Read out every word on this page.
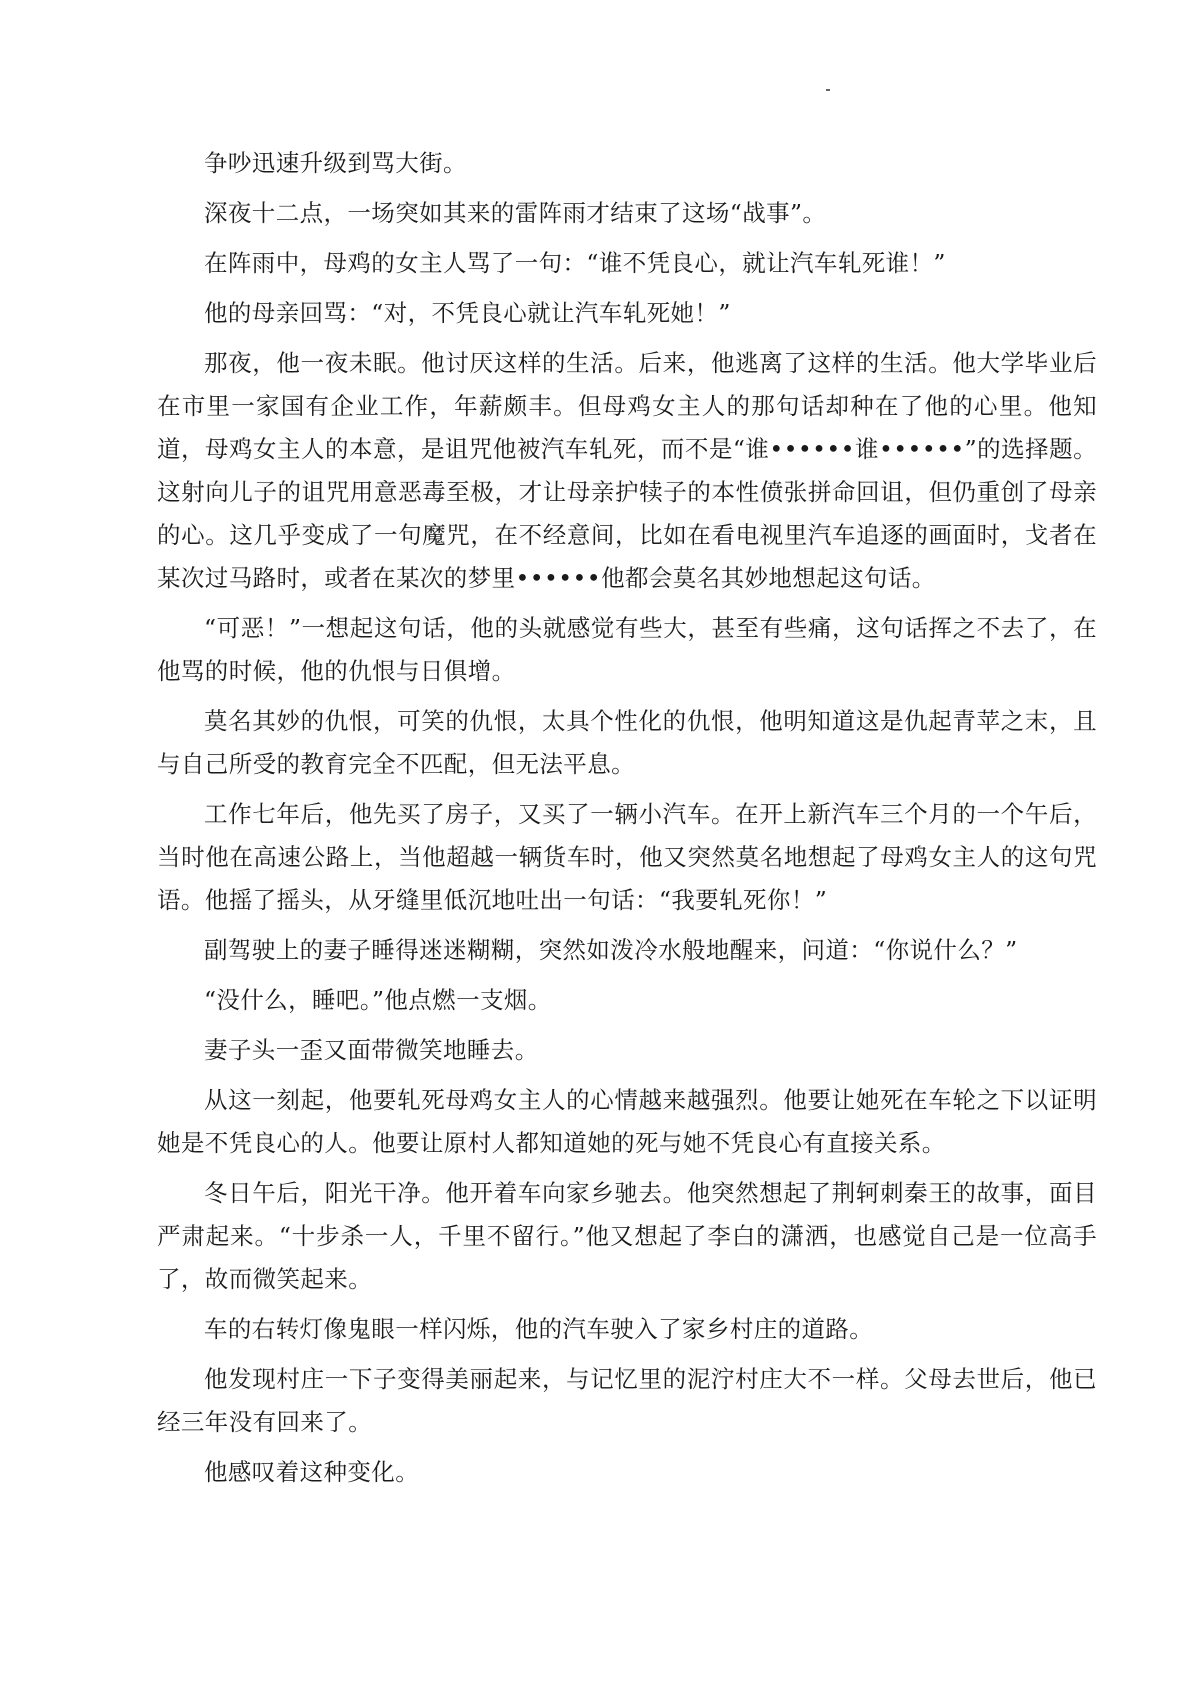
争吵迅速升级到骂大街。

深夜十二点，一场突如其来的雷阵雨才结束了这场“战事”。

在阵雨中，母鸡的女主人骂了一句：“谁不凭良心，就让汽车轧死谁！”

他的母亲回骂：“对，不凭良心就让汽车轧死她！”

那夜，他一夜未眠。他讨厌这样的生活。后来，他逃离了这样的生活。他大学毕业后在市里一家国有企业工作，年薪颇丰。但母鸡女主人的那句话却种在了他的心里。他知道，母鸡女主人的本意，是诅咒他被汽车轧死，而不是“谁••••••谁••••••”的选择题。这射向儿子的诅咒用意恶毒至极，才让母亲护犊子的本性偾张拼命回诅，但仍重创了母亲的心。这几乎变成了一句魔咒，在不经意间，比如在看电视里汽车追逐的画面时，戈者在某次过马路时，或者在某次的梦里••••••他都会莫名其妙地想起这句话。

“可恶！”一想起这句话，他的头就感觉有些大，甚至有些痛，这句话挥之不去了，在他骂的时候，他的仇恨与日俱增。

莫名其妙的仇恨，可笑的仇恨，太具个性化的仇恨，他明知道这是仇起青苹之末，且与自己所受的教育完全不匹配，但无法平息。

工作七年后，他先买了房子，又买了一辆小汽车。在开上新汽车三个月的一个午后，当时他在高速公路上，当他超越一辆货车时，他又突然莫名地想起了母鸡女主人的这句咒语。他摇了摇头，从牙缝里低沉地吐出一句话：“我要轧死你！”

副驾驶上的妻子睡得迷迷糊糊，突然如泼冷水般地醒来，问道：“你说什么？”

“没什么，睡吧。”他点燃一支烟。

妻子头一歪又面带微笑地睡去。

从这一刻起，他要轧死母鸡女主人的心情越来越强烈。他要让她死在车轮之下以证明她是不凭良心的人。他要让原村人都知道她的死与她不凭良心有直接关系。

冬日午后，阳光干净。他开着车向家乡驰去。他突然想起了荆轲刺秦王的故事，面目严肃起来。“十步杀一人，千里不留行。”他又想起了李白的潇洒，也感觉自己是一位高手了，故而微笑起来。

车的右转灯像鬼眼一样闪烁，他的汽车驶入了家乡村庄的道路。

他发现村庄一下子变得美丽起来，与记忆里的泥泞村庄大不一样。父母去世后，他已经三年没有回来了。

他感叹着这种变化。
